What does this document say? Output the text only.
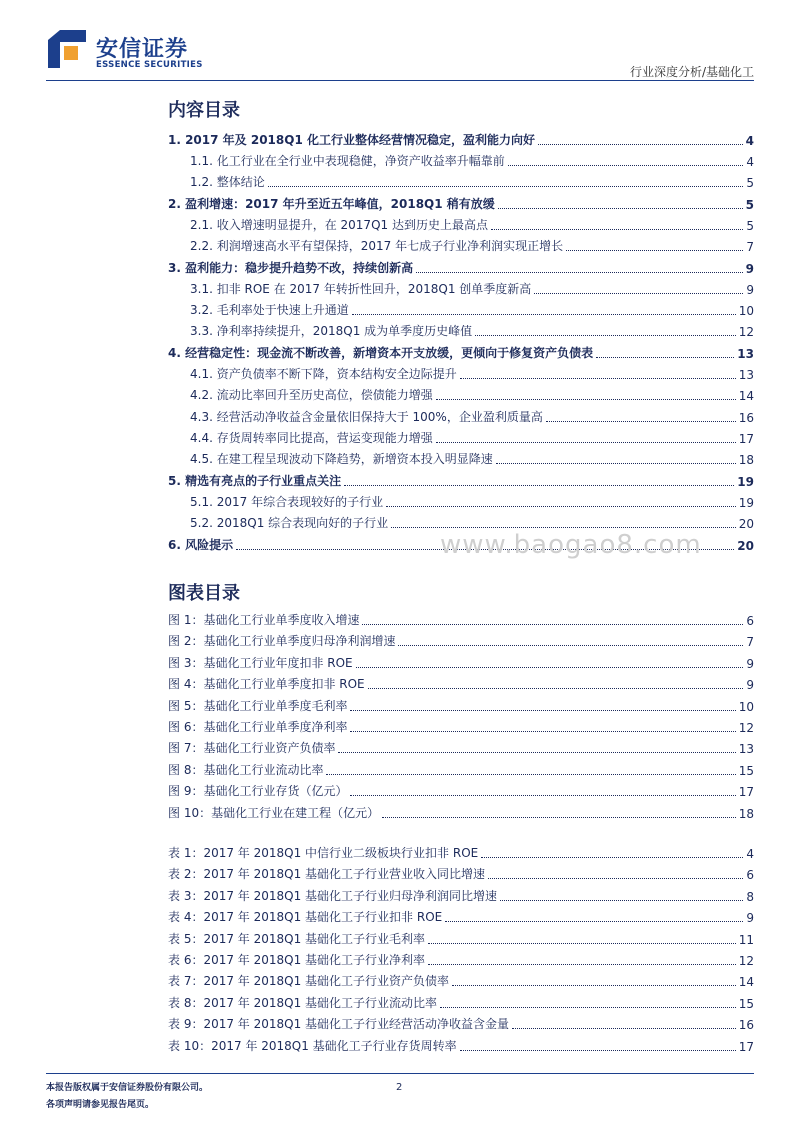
安信证券
ESSENCE SECURITIES	行业深度分析/基础化工
内容目录
1. 2017 年及 2018Q1 化工行业整体经营情况稳定，盈利能力向好	4
1.1. 化工行业在全行业中表现稳健，净资产收益率升幅靠前	4
1.2. 整体结论	5
2. 盈利增速：2017 年升至近五年峰值，2018Q1 稍有放缓	5
2.1. 收入增速明显提升，在 2017Q1 达到历史上最高点	5
2.2. 利润增速高水平有望保持，2017 年七成子行业净利润实现正增长	7
3. 盈利能力：稳步提升趋势不改，持续创新高	9
3.1. 扣非 ROE 在 2017 年转折性回升，2018Q1 创单季度新高	9
3.2. 毛利率处于快速上升通道	10
3.3. 净利率持续提升，2018Q1 成为单季度历史峰值	12
4. 经营稳定性：现金流不断改善，新增资本开支放缓，更倾向于修复资产负债表	13
4.1. 资产负债率不断下降，资本结构安全边际提升	13
4.2. 流动比率回升至历史高位，偿债能力增强	14
4.3. 经营活动净收益含金量依旧保持大于 100%，企业盈利质量高	16
4.4. 存货周转率同比提高，营运变现能力增强	17
4.5. 在建工程呈现波动下降趋势，新增资本投入明显降速	18
5. 精选有亮点的子行业重点关注	19
5.1. 2017 年综合表现较好的子行业	19
5.2. 2018Q1 综合表现向好的子行业	20
6. 风险提示	20
www.baogao8.com
图表目录
图 1：基础化工行业单季度收入增速	6
图 2：基础化工行业单季度归母净利润增速	7
图 3：基础化工行业年度扣非 ROE	9
图 4：基础化工行业单季度扣非 ROE	9
图 5：基础化工行业单季度毛利率	10
图 6：基础化工行业单季度净利率	12
图 7：基础化工行业资产负债率	13
图 8：基础化工行业流动比率	15
图 9：基础化工行业存货（亿元）	17
图 10：基础化工行业在建工程（亿元）	18
表 1：2017 年 2018Q1 中信行业二级板块行业扣非 ROE	4
表 2：2017 年 2018Q1 基础化工子行业营业收入同比增速	6
表 3：2017 年 2018Q1 基础化工子行业归母净利润同比增速	8
表 4：2017 年 2018Q1 基础化工子行业扣非 ROE	9
表 5：2017 年 2018Q1 基础化工子行业毛利率	11
表 6：2017 年 2018Q1 基础化工子行业净利率	12
表 7：2017 年 2018Q1 基础化工子行业资产负债率	14
表 8：2017 年 2018Q1 基础化工子行业流动比率	15
表 9：2017 年 2018Q1 基础化工子行业经营活动净收益含金量	16
表 10：2017 年 2018Q1 基础化工子行业存货周转率	17
本报告版权属于安信证券股份有限公司。
各项声明请参见报告尾页。
2
